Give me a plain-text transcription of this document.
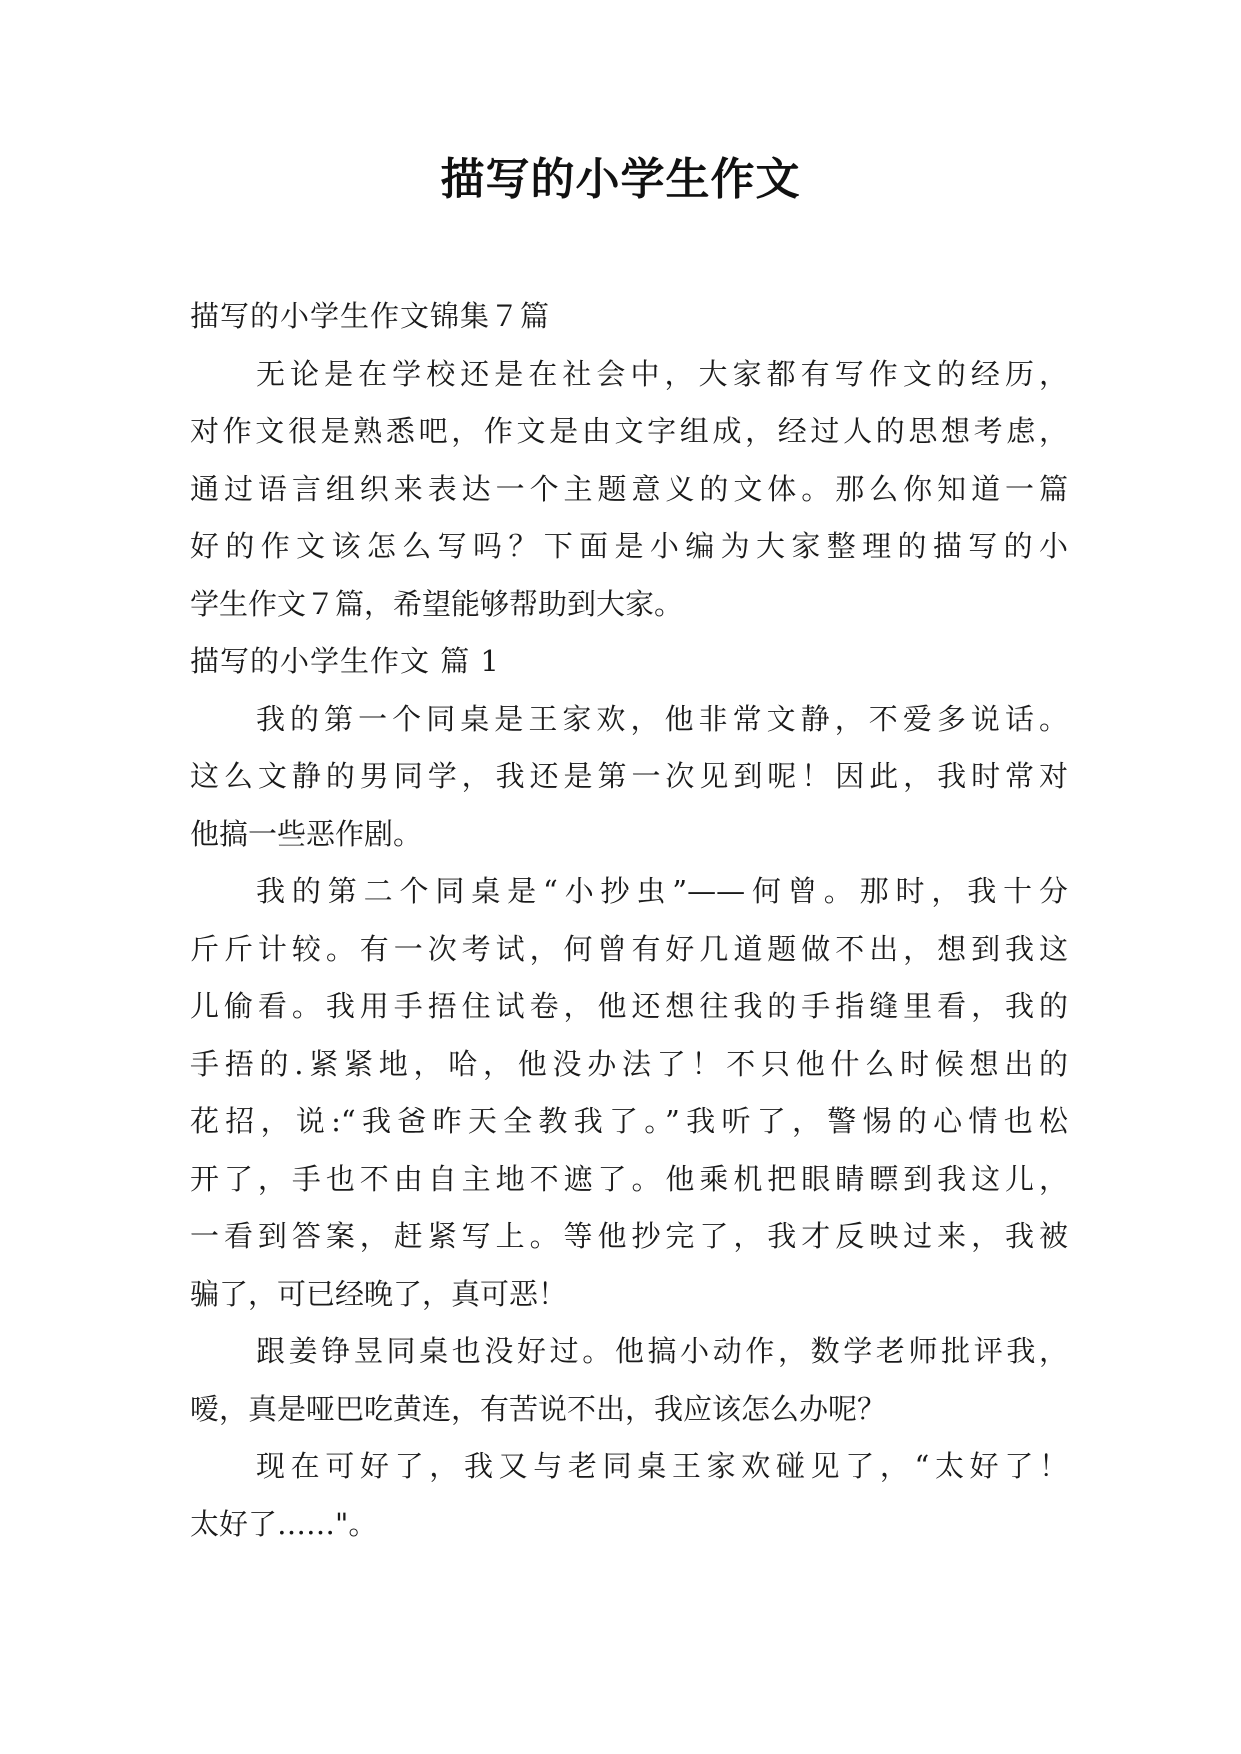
描写的小学生作文

描写的小学生作文锦集７篇

无论是在学校还是在社会中，大家都有写作文的经历，

对作文很是熟悉吧，作文是由文字组成，经过人的思想考虑，

通过语言组织来表达一个主题意义的文体。那么你知道一篇

好的作文该怎么写吗？下面是小编为大家整理的描写的小

学生作文７篇，希望能够帮助到大家。

描写的小学生作文 篇 1

我的第一个同桌是王家欢，他非常文静，不爱多说话。

这么文静的男同学，我还是第一次见到呢！因此，我时常对

他搞一些恶作剧。

我的第二个同桌是“小抄虫”——何曾。那时，我十分

斤斤计较。有一次考试，何曾有好几道题做不出，想到我这

儿偷看。我用手捂住试卷，他还想往我的手指缝里看，我的

手捂的.紧紧地，哈，他没办法了！不只他什么时候想出的

花招，说:“我爸昨天全教我了。”我听了，警惕的心情也松

开了，手也不由自主地不遮了。他乘机把眼睛瞟到我这儿，

一看到答案，赶紧写上。等他抄完了，我才反映过来，我被

骗了，可已经晚了，真可恶！

跟姜铮昱同桌也没好过。他搞小动作，数学老师批评我，

嗳，真是哑巴吃黄连，有苦说不出，我应该怎么办呢？

现在可好了，我又与老同桌王家欢碰见了，“太好了！

太好了……"。
